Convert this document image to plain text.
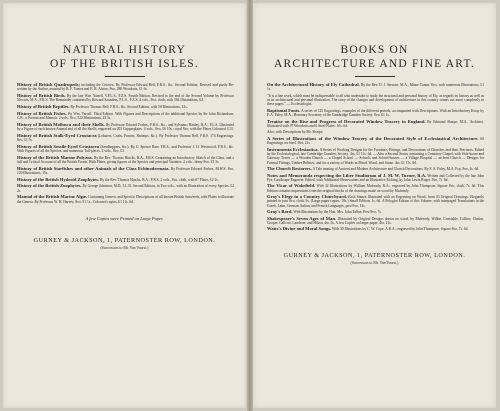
NATURAL HISTORY
OF THE BRITISH ISLES.
History of British Quadrupeds; including the Cetacea. By Professor Edward Bell, F.R.S., &c. Second Edition, Revised and partly Re-written by the Author, assisted by R. F. Tomes and E. R. Alston. 8vo, 280 Woodcuts, £1 6s.
History of British Birds. By the late Wm. Yarrell, V.P.L.S., F.Z.S. Fourth Edition, Revised to the end of the Second Volume by Professor Newton, M.A., F.R.S. The Remainder continued by Howard Saunders, F.L.S., F.Z.S. 4 vols., 8vo, cloth, with 564 Illustrations, £4.
History of British Reptiles. By Professor Thomas Bell, F.R.S., &c. Second Edition, with 50 Illustrations, 12s.
History of British Fishes. By Wm. Yarrell. Third Edition. With Figures and Descriptions of the additional Species by Sir John Richardson, C.B., a Portrait and Memoir. 2 vols., 8vo, 522 Illustrations, £3 3s.
History of British Mollusca and their Shells. By Professor Edward Forbes, F.R.S., &c., and Sylvanus Hanley, B.A., F.L.S. Illustrated by a Figure of each known Animal and of all the Shells, engraved on 203 Copperplates. 4 vols., 8vo, £6 10s.; royal 8vo, with the Plates Coloured, £13.
History of British Stalk-Eyed Crustacea (Lobsters, Crabs, Prawns, Shrimps, &c.). By Professor Thomas Bell, F.R.S. 174 Engravings. 8vo, £1 5s.
History of British Sessile-Eyed Crustacea (Sandhoppers, &c.). By C. Spence Bate, F.R.S., and Professor J. O. Westwood, F.R.S., &c. With Figures of all the Species, and numerous Tail-pieces. 2 vols., 8vo, £3.
History of the British Marine Polyzoa. By the Rev. Thomas Hincks, B.A., F.R.S. Containing an Introductory Sketch of the Class, and a full and Critical Account of all the British Forms. With Plates, giving figures of the Species and principal Varieties. 2 vols., demy 8vo, £3 3s.
History of British Starfishes and other Animals of the Class Echinodermata. By Professor Edward Forbes, M.W.S. 8vo, 120 Illustrations, 15s.
History of the British Hydroid Zoophytes. By the Rev. Thomas Hincks, B.A., F.R.S. 2 vols., 8vo, cloth, with 67 Plates, £2 2s.
History of the British Zoophytes. By George Johnston, M.D., LL.D. Second Edition, in Two vols., with an Illustration of every Species. £2 2s.
Manual of the British Marine Algæ. Containing Generic and Specific Descriptions of all known British Seaweeds, with Plates to illustrate the Genera. By Professor W. H. Harvey. 8vo, £1 1s.; Coloured copies, £1 11s. 6d.
A few Copies were Printed on Large Paper.
GURNEY & JACKSON, 1, PATERNOSTER ROW, LONDON.
(Successors to Mr. Van Voorst.)
BOOKS ON
ARCHITECTURE AND FINE ART.
On the Architectural History of Ely Cathedral. By the Rev. D. J. Stewart, M.A., Minor Canon. 8vo, with numerous Illustrations, £1 1s.
"It is a fine work, which must be indispensable to all who undertake to study the structural and personal history of Ely, as regards its history as well as in its architectural and personal illustration. The story of the changes and development of architecture in this country comes out more completely in these pages." — Ecclesiologist.
Baptismal Fonts. A series of 125 Engravings, examples of the different periods, accompanied with Descriptions. With an Introductory Essay by F. A. Paley, M.A., Honorary Secretary of the Cambridge Camden Society. 8vo, £1 1s.
Treatise on the Rise and Progress of Decorated Window Tracery in England. By Edmund Sharpe, M.A., Architect. Illustrated with 97 Woodcuts and 6 Steel Plates. 10s. 6d.
Also, with Descriptions by Mr. Sharpe,
A Series of Illustrations of the Window Tracery of the Decorated Style of Ecclesiastical Architecture. 60 Engravings on Steel. 8vo, 21s.
Instrumenta Ecclesiastica. A Series of Working Designs for the Furniture, Fittings, and Decorations of Churches and their Precincts. Edited by the Ecclesiological, late Cambridge Camden, Society. 4to, £1 11s. 6d. — Also a Second Series containing a Cemetery Chapel, with Sick-house and Gateway Tower — a Wooden Church — a Chapel School — Schools and School-houses — a Village Hospital — an Iron Church — Designs for Funeral Fittings, Timber Belfries, and for a variety of Works in Metal, Wood, and Stone. 4to, £1 11s. 6d.
The Church Restorers. A Tale treating of Ancient and Modern Architecture and Church Decorations. By F. A. Paley, M.A. Fcp. 8vo, 4s. 6d.
Notes and Memoranda respecting the Liber Studiorum of J. M. W. Turner, R.A. Written and Collected by the late John Pye, Landscape Engraver. Edited, with Additional Observations and an Illustrative Etching, by John Lewis Roget. 8vo, 7s. 6d.
The Vicar of Wakefield. With 32 Illustrations by William Mulready, R.A.; engraved by John Thompson. Square 8vo, cloth, 7s. 6d. This Edition contains impressions from the original blocks of the drawings made on wood by Mulready.
Gray's Elegy in a Country Churchyard. Each Stanza Illustrated with an Engraving on Wood, from 33 Original Drawings. Elegantly printed in post 8vo, cloth, 9s. (Large paper copies, 18s.) Small Edition, 1s. 6d. A Polyglot Edition of this Volume, with interpaged Translations in the Greek, Latin, German, Italian, and French Languages, post 8vo, 12s.
Gray's Bard. With Illustrations by the Hon. Mrs. John Talbot. Post 8vo, 7s.
Shakespeare's Seven Ages of Man. Illustrated by Original Designs drawn on wood, by Mulready, Wilkie, Constable, Collins, Chalon, Cooper, Callcott, Landseer, and Hilton. 4to, 6s. A few Copies on larger paper, 4to, 21s.
Watts's Divine and Moral Songs. With 30 Illustrations by C. W. Cope, A.R.A.; engraved by John Thompson. Square 8vo, 7s. 6d.
GURNEY & JACKSON, 1, PATERNOSTER ROW, LONDON.
(Successors to Mr. Van Voorst.)
